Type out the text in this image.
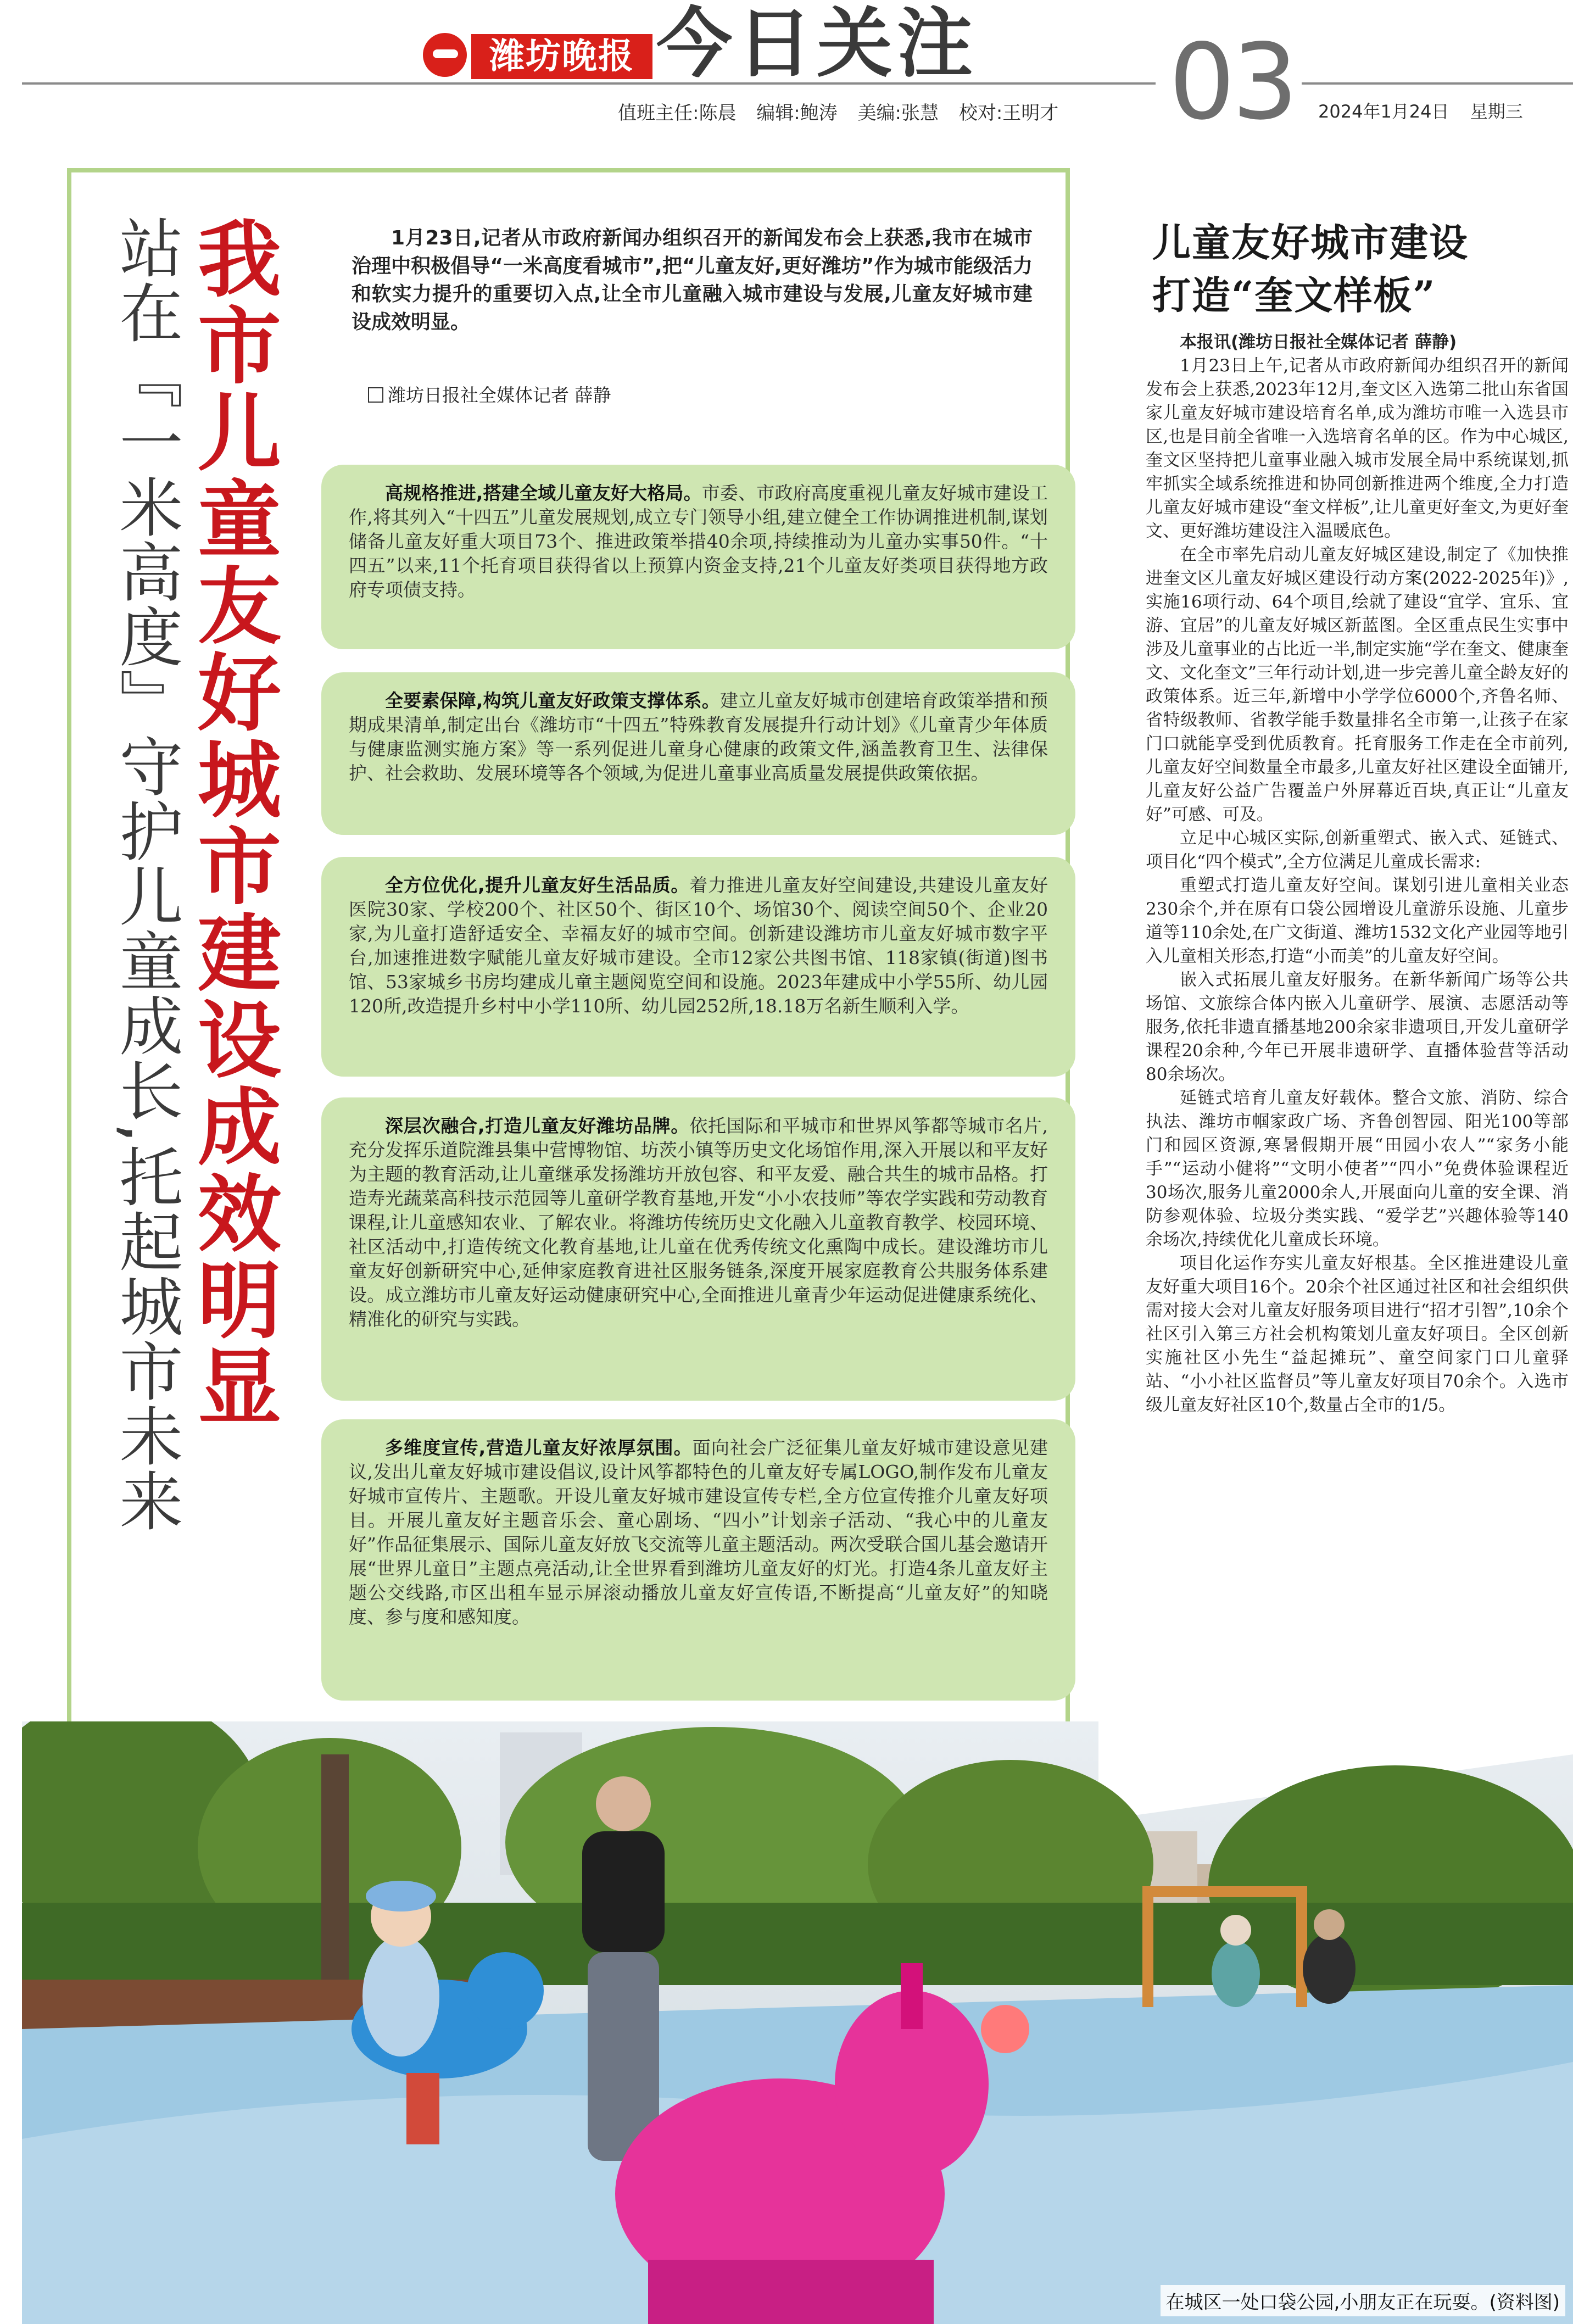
潍坊晚报 今日关注
值班主任:陈晨 编辑:鲍涛 美编:张慧 校对:王明才 03 2024年1月24日 星期三
我市儿童友好城市建设成效明显
站在『一米高度』守护儿童成长,托起城市未来	1月23日,记者从市政府新闻办组织召开的新闻发布会上获悉,我市在城市治理中积极倡导“一米高度看城市”,把“儿童友好,更好潍坊”作为城市能级活力和软实力提升的重要切入点,让全市儿童融入城市建设与发展,儿童友好城市建设成效明显。
潍坊日报社全媒体记者 薛静

高规格推进,搭建全域儿童友好大格局。市委、市政府高度重视儿童友好城市建设工作,将其列入“十四五”儿童发展规划,成立专门领导小组,建立健全工作协调推进机制,谋划储备儿童友好重大项目73个、推进政策举措40余项,持续推动为儿童办实事50件。“十四五”以来,11个托育项目获得省以上预算内资金支持,21个儿童友好类项目获得地方政府专项债支持。

全要素保障,构筑儿童友好政策支撑体系。建立儿童友好城市创建培育政策举措和预期成果清单,制定出台《潍坊市“十四五”特殊教育发展提升行动计划》《儿童青少年体质与健康监测实施方案》等一系列促进儿童身心健康的政策文件,涵盖教育卫生、法律保护、社会救助、发展环境等各个领域,为促进儿童事业高质量发展提供政策依据。

全方位优化,提升儿童友好生活品质。着力推进儿童友好空间建设,共建设儿童友好医院30家、学校200个、社区50个、街区10个、场馆30个、阅读空间50个、企业20家,为儿童打造舒适安全、幸福友好的城市空间。创新建设潍坊市儿童友好城市数字平台,加速推进数字赋能儿童友好城市建设。全市12家公共图书馆、118家镇(街道)图书馆、53家城乡书房均建成儿童主题阅览空间和设施。2023年建成中小学55所、幼儿园120所,改造提升乡村中小学110所、幼儿园252所,18.18万名新生顺利入学。

深层次融合,打造儿童友好潍坊品牌。依托国际和平城市和世界风筝都等城市名片,充分发挥乐道院潍县集中营博物馆、坊茨小镇等历史文化场馆作用,深入开展以和平友好为主题的教育活动,让儿童继承发扬潍坊开放包容、和平友爱、融合共生的城市品格。打造寿光蔬菜高科技示范园等儿童研学教育基地,开发“小小农技师”等农学实践和劳动教育课程,让儿童感知农业、了解农业。将潍坊传统历史文化融入儿童教育教学、校园环境、社区活动中,打造传统文化教育基地,让儿童在优秀传统文化熏陶中成长。建设潍坊市儿童友好创新研究中心,延伸家庭教育进社区服务链条,深度开展家庭教育公共服务体系建设。成立潍坊市儿童友好运动健康研究中心,全面推进儿童青少年运动促进健康系统化、精准化的研究与实践。

多维度宣传,营造儿童友好浓厚氛围。面向社会广泛征集儿童友好城市建设意见建议,发出儿童友好城市建设倡议,设计风筝都特色的儿童友好专属LOGO,制作发布儿童友好城市宣传片、主题歌。开设儿童友好城市建设宣传专栏,全方位宣传推介儿童友好项目。开展儿童友好主题音乐会、童心剧场、“四小”计划亲子活动、“我心中的儿童友好”作品征集展示、国际儿童友好放飞交流等儿童主题活动。两次受联合国儿基会邀请开展“世界儿童日”主题点亮活动,让全世界看到潍坊儿童友好的灯光。打造4条儿童友好主题公交线路,市区出租车显示屏滚动播放儿童友好宣传语,不断提高“儿童友好”的知晓度、参与度和感知度。

儿童友好城市建设
打造“奎文样板”

本报讯(潍坊日报社全媒体记者 薛静)

1月23日上午,记者从市政府新闻办组织召开的新闻发布会上获悉,2023年12月,奎文区入选第二批山东省国家儿童友好城市建设培育名单,成为潍坊市唯一入选县市区,也是目前全省唯一入选培育名单的区。作为中心城区,奎文区坚持把儿童事业融入城市发展全局中系统谋划,抓牢抓实全域系统推进和协同创新推进两个维度,全力打造儿童友好城市建设“奎文样板”,让儿童更好奎文,为更好奎文、更好潍坊建设注入温暖底色。

在全市率先启动儿童友好城区建设,制定了《加快推进奎文区儿童友好城区建设行动方案(2022-2025年)》,实施16项行动、64个项目,绘就了建设“宜学、宜乐、宜游、宜居”的儿童友好城区新蓝图。全区重点民生实事中涉及儿童事业的占比近一半,制定实施“学在奎文、健康奎文、文化奎文”三年行动计划,进一步完善儿童全龄友好的政策体系。近三年,新增中小学学位6000个,齐鲁名师、省特级教师、省教学能手数量排名全市第一,让孩子在家门口就能享受到优质教育。托育服务工作走在全市前列,儿童友好空间数量全市最多,儿童友好社区建设全面铺开,儿童友好公益广告覆盖户外屏幕近百块,真正让“儿童友好”可感、可及。

立足中心城区实际,创新重塑式、嵌入式、延链式、项目化“四个模式”,全方位满足儿童成长需求:

重塑式打造儿童友好空间。谋划引进儿童相关业态230余个,并在原有口袋公园增设儿童游乐设施、儿童步道等110余处,在广文街道、潍坊1532文化产业园等地引入儿童相关形态,打造“小而美”的儿童友好空间。

嵌入式拓展儿童友好服务。在新华新闻广场等公共场馆、文旅综合体内嵌入儿童研学、展演、志愿活动等服务,依托非遗直播基地200余家非遗项目,开发儿童研学课程20余种,今年已开展非遗研学、直播体验营等活动80余场次。

延链式培育儿童友好载体。整合文旅、消防、综合执法、潍坊市帼家政广场、齐鲁创智园、阳光100等部门和园区资源,寒暑假期开展“田园小农人”“家务小能手”“运动小健将”“文明小使者”“四小”免费体验课程近30场次,服务儿童2000余人,开展面向儿童的安全课、消防参观体验、垃圾分类实践、“爱学艺”兴趣体验等140余场次,持续优化儿童成长环境。

项目化运作夯实儿童友好根基。全区推进建设儿童友好重大项目16个。20余个社区通过社区和社会组织供需对接大会对儿童友好服务项目进行“招才引智”,10余个社区引入第三方社会机构策划儿童友好项目。全区创新实施社区小先生“益起摊玩”、童空间家门口儿童驿站、“小小社区监督员”等儿童友好项目70余个。入选市级儿童友好社区10个,数量占全市的1/5。

在城区一处口袋公园,小朋友正在玩耍。(资料图)
